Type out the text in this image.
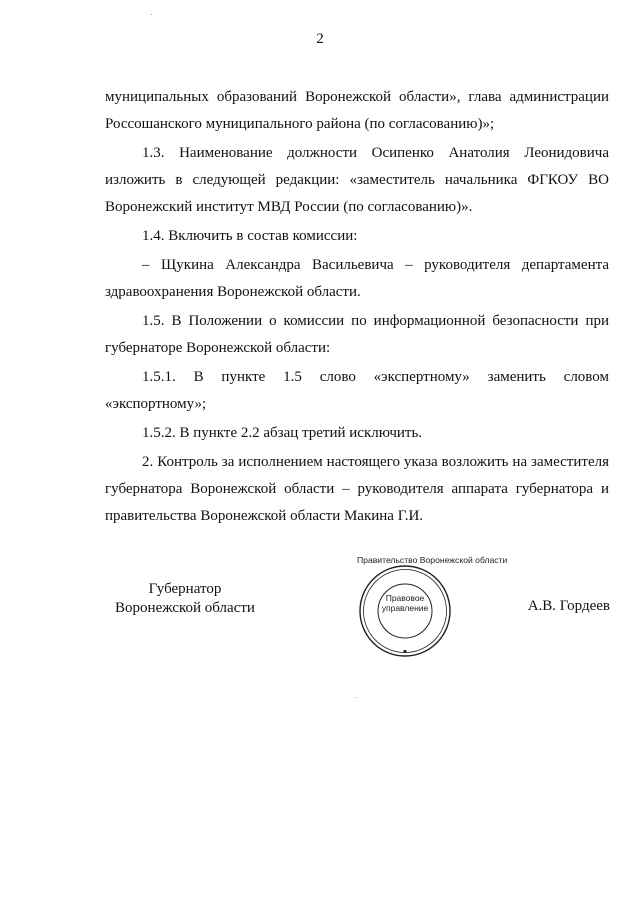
2

муниципальных образований Воронежской области», глава администрации Россошанского муниципального района (по согласованию)»;

1.3. Наименование должности Осипенко Анатолия Леонидовича изложить в следующей редакции: «заместитель начальника ФГКОУ ВО Воронежский институт МВД России (по согласованию)».

1.4. Включить в состав комиссии:

– Щукина Александра Васильевича – руководителя департамента здравоохранения Воронежской области.

1.5. В Положении о комиссии по информационной безопасности при губернаторе Воронежской области:

1.5.1. В пункте 1.5 слово «экспертному» заменить словом «экспортному»;

1.5.2. В пункте 2.2 абзац третий исключить.

2. Контроль за исполнением настоящего указа возложить на заместителя губернатора Воронежской области – руководителя аппарата губернатора и правительства Воронежской области Макина Г.И.

Губернатор
Воронежской области
Правительство Воронежской области
Правовое
управление	А.В. Гордеев
